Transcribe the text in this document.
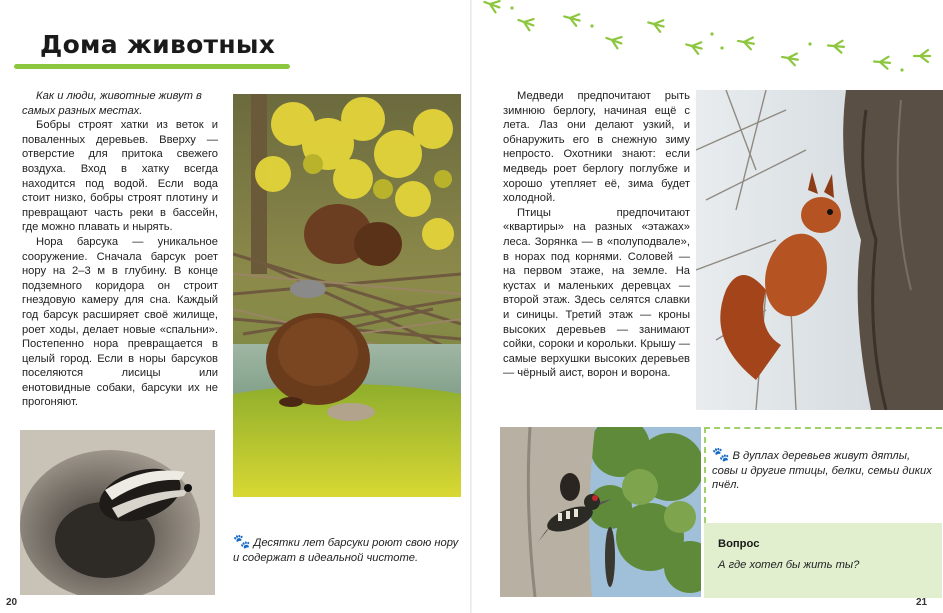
Дома животных

Как и люди, животные живут в самых разных местах.

Бобры строят хатки из веток и поваленных деревьев. Вверху — отверстие для притока свежего воздуха. Вход в хатку всегда находится под водой. Если вода стоит низко, бобры строят плотину и превращают часть реки в бассейн, где можно плавать и нырять.

Нора барсука — уникальное сооружение. Сначала барсук роет нору на 2–3 м в глубину. В конце подземного коридора он строит гнездовую камеру для сна. Каждый год барсук расширяет своё жилище, роет ходы, делает новые «спальни». Постепенно нора превращается в целый город. Если в норы барсуков поселяются лисицы или енотовидные собаки, барсуки их не прогоняют.

🐾 Десятки лет барсуки роют свою нору и содержат в идеальной чистоте.
20

Медведи предпочитают рыть зимнюю берлогу, начиная ещё с лета. Лаз они делают узкий, и обнаружить его в снежную зиму непросто. Охотники знают: если медведь роет берлогу поглубже и хорошо утепляет её, зима будет холодной.

Птицы предпочитают «квартиры» на разных «этажах» леса. Зорянка — в «полуподвале», в норах под корнями. Соловей — на первом этаже, на земле. На кустах и маленьких деревцах — второй этаж. Здесь селятся славки и синицы. Третий этаж — кроны высоких деревьев — занимают сойки, сороки и корольки. Крышу — самые верхушки высоких деревьев — чёрный аист, ворон и ворона.

🐾 В дуплах деревьев живут дятлы, совы и другие птицы, белки, семьи диких пчёл.
Вопрос
А где хотел бы жить ты?
21
